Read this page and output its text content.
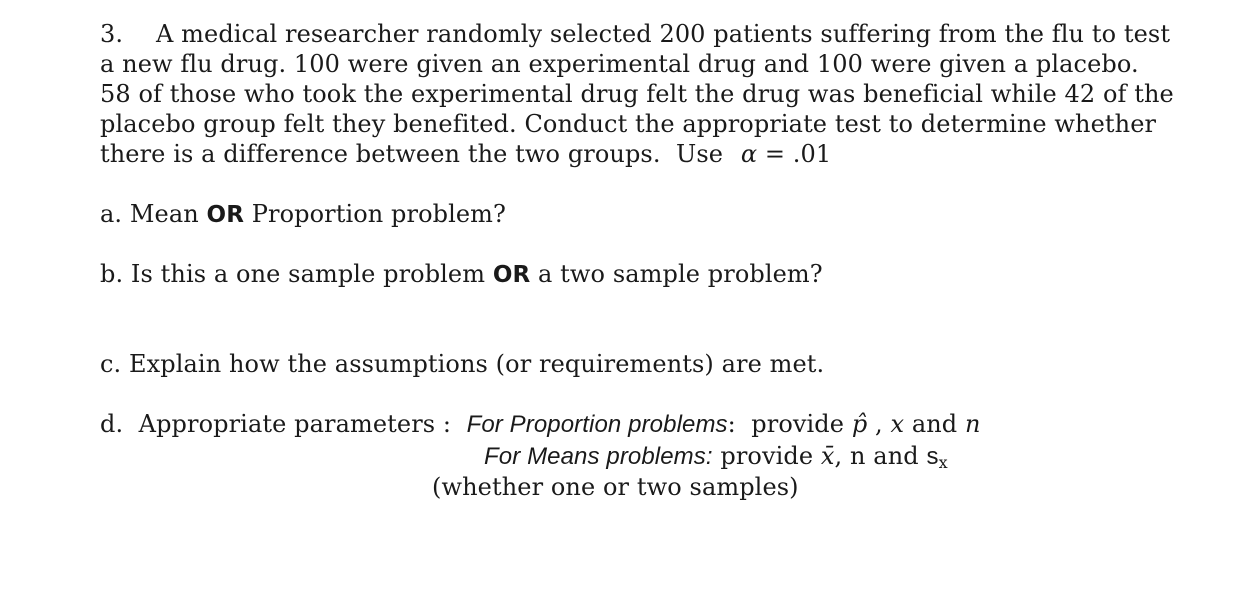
3. A medical researcher randomly selected 200 patients suffering from the flu to test
a new flu drug. 100 were given an experimental drug and 100 were given a placebo.
58 of those who took the experimental drug felt the drug was beneficial while 42 of the
placebo group felt they benefited. Conduct the appropriate test to determine whether
there is a difference between the two groups.  Use α = .01
a. Mean OR Proportion problem?
b. Is this a one sample problem OR a two sample problem?
c. Explain how the assumptions (or requirements) are met.
d.  Appropriate parameters :  For Proportion problems:  provide p̂ , x and n
For Means problems: provide x̄, n and sx
(whether one or two samples)
